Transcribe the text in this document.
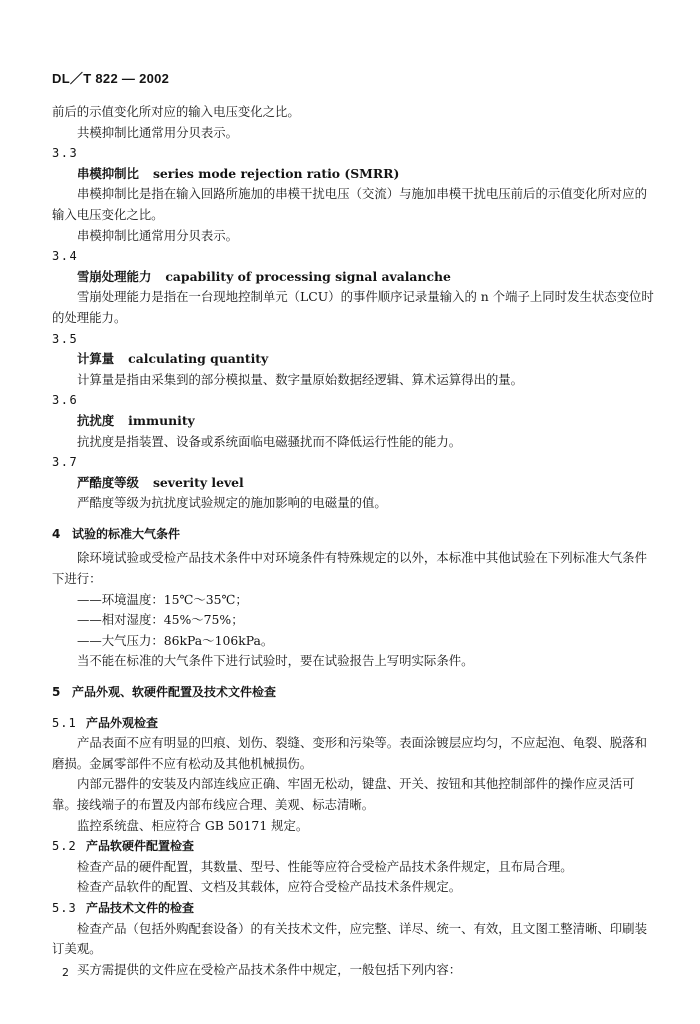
DL／T 822 — 2002

前后的示值变化所对应的输入电压变化之比。

共模抑制比通常用分贝表示。

3.3

串模抑制比 series mode rejection ratio (SMRR)

串模抑制比是指在输入回路所施加的串模干扰电压（交流）与施加串模干扰电压前后的示值变化所对应的输入电压变化之比。

串模抑制比通常用分贝表示。

3.4

雪崩处理能力 capability of processing signal avalanche

雪崩处理能力是指在一台现地控制单元（LCU）的事件顺序记录量输入的 n 个端子上同时发生状态变位时的处理能力。

3.5

计算量 calculating quantity

计算量是指由采集到的部分模拟量、数字量原始数据经逻辑、算术运算得出的量。

3.6

抗扰度 immunity

抗扰度是指装置、设备或系统面临电磁骚扰而不降低运行性能的能力。

3.7

严酷度等级 severity level

严酷度等级为抗扰度试验规定的施加影响的电磁量的值。

4 试验的标准大气条件

除环境试验或受检产品技术条件中对环境条件有特殊规定的以外，本标准中其他试验在下列标准大气条件下进行：

——环境温度：15℃～35℃；

——相对湿度：45%～75%；

——大气压力：86kPa～106kPa。

当不能在标准的大气条件下进行试验时，要在试验报告上写明实际条件。

5 产品外观、软硬件配置及技术文件检查

5.1 产品外观检查

产品表面不应有明显的凹痕、划伤、裂缝、变形和污染等。表面涂镀层应均匀，不应起泡、龟裂、脱落和磨损。金属零部件不应有松动及其他机械损伤。

内部元器件的安装及内部连线应正确、牢固无松动，键盘、开关、按钮和其他控制部件的操作应灵活可靠。接线端子的布置及内部布线应合理、美观、标志清晰。

监控系统盘、柜应符合 GB 50171 规定。

5.2 产品软硬件配置检查

检查产品的硬件配置，其数量、型号、性能等应符合受检产品技术条件规定，且布局合理。

检查产品软件的配置、文档及其载体，应符合受检产品技术条件规定。

5.3 产品技术文件的检查

检查产品（包括外购配套设备）的有关技术文件，应完整、详尽、统一、有效，且文图工整清晰、印刷装订美观。

买方需提供的文件应在受检产品技术条件中规定，一般包括下列内容：

2
